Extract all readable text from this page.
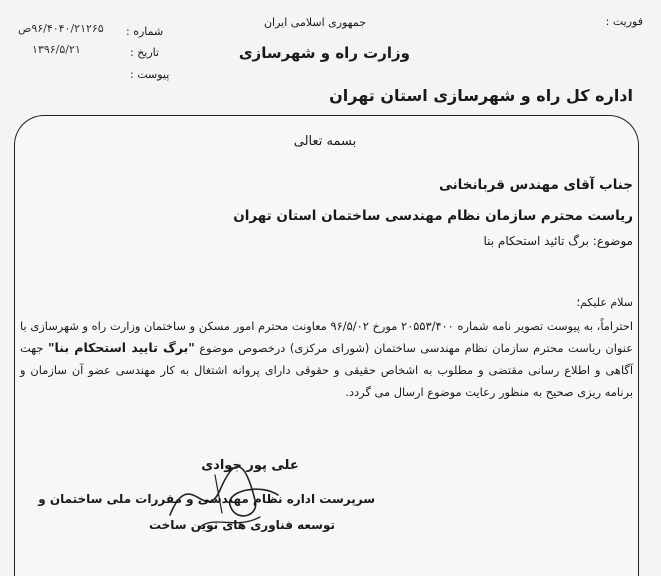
فوریت :
جمهوری اسلامی ایران
وزارت راه و شهرسازی
شماره :
۹۶/۴۰۴۰/۲۱۲۶۵ص
تاریخ :
۱۳۹۶/۵/۲۱
پیوست :
اداره کل راه و شهرسازی استان تهران
بسمه تعالی
جناب آقای مهندس قربانخانی
ریاست محترم سازمان نظام مهندسی ساختمان استان تهران
موضوع: برگ تائید استحکام بنا
سلام علیکم؛
احتراماً، به پیوست تصویر نامه شماره ۲۰۵۵۳/۴۰۰ مورخ ۹۶/۵/۰۲ معاونت محترم امور مسکن و ساختمان وزارت راه و شهرسازی با عنوان ریاست محترم سازمان نظام مهندسی ساختمان (شورای مرکزی) درخصوص موضوع "برگ تایید استحکام بنا" جهت آگاهی و اطلاع رسانی مقتضی و مطلوب به اشخاص حقیقی و حقوقی دارای پروانه اشتغال به کار مهندسی عضو آن سازمان و برنامه ریزی صحیح به منظور رعایت موضوع ارسال می گردد.
علی پور جوادی
سرپرست اداره نظام مهندسی و مقررات ملی ساختمان و
توسعه فناوری های نوین ساخت
